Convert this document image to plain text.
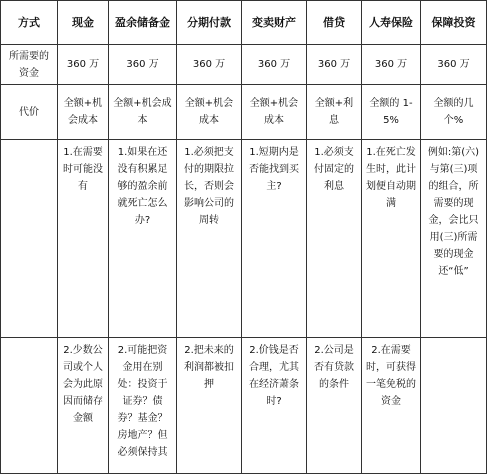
方式	现金	盈余储备金	分期付款	变卖财产	借贷	人寿保险	保障投资
所需要的资金	360 万	360 万	360 万	360 万	360 万	360 万	360 万
代价	全额+机会成本	全额+机会成本	全额+机会成本	全额+机会成本	全额+利息	全额的 1-5%	全额的几个%

	1.在需要时可能没有	1.如果在还没有积累足够的盈余前就死亡怎么办?	1.必须把支付的期限拉长，否则会影响公司的周转	1.短期内是否能找到买主?	1.必须支付固定的利息	1.在死亡发生时，此计划便自动期满	例如:第(六)与第(三)项的组合，所需要的现金，会比只用(三)所需要的现金还“低”

	2.少数公司或个人会为此原因而储存金额	2.可能把资金用在别处：投资于证券？债券？基金？房地产？但必须保持其	2.把未来的利润都被扣押	2.价钱是否合理，尤其在经济萧条时?	2.公司是否有贷款的条件	2.在需要时，可获得一笔免税的资金	
